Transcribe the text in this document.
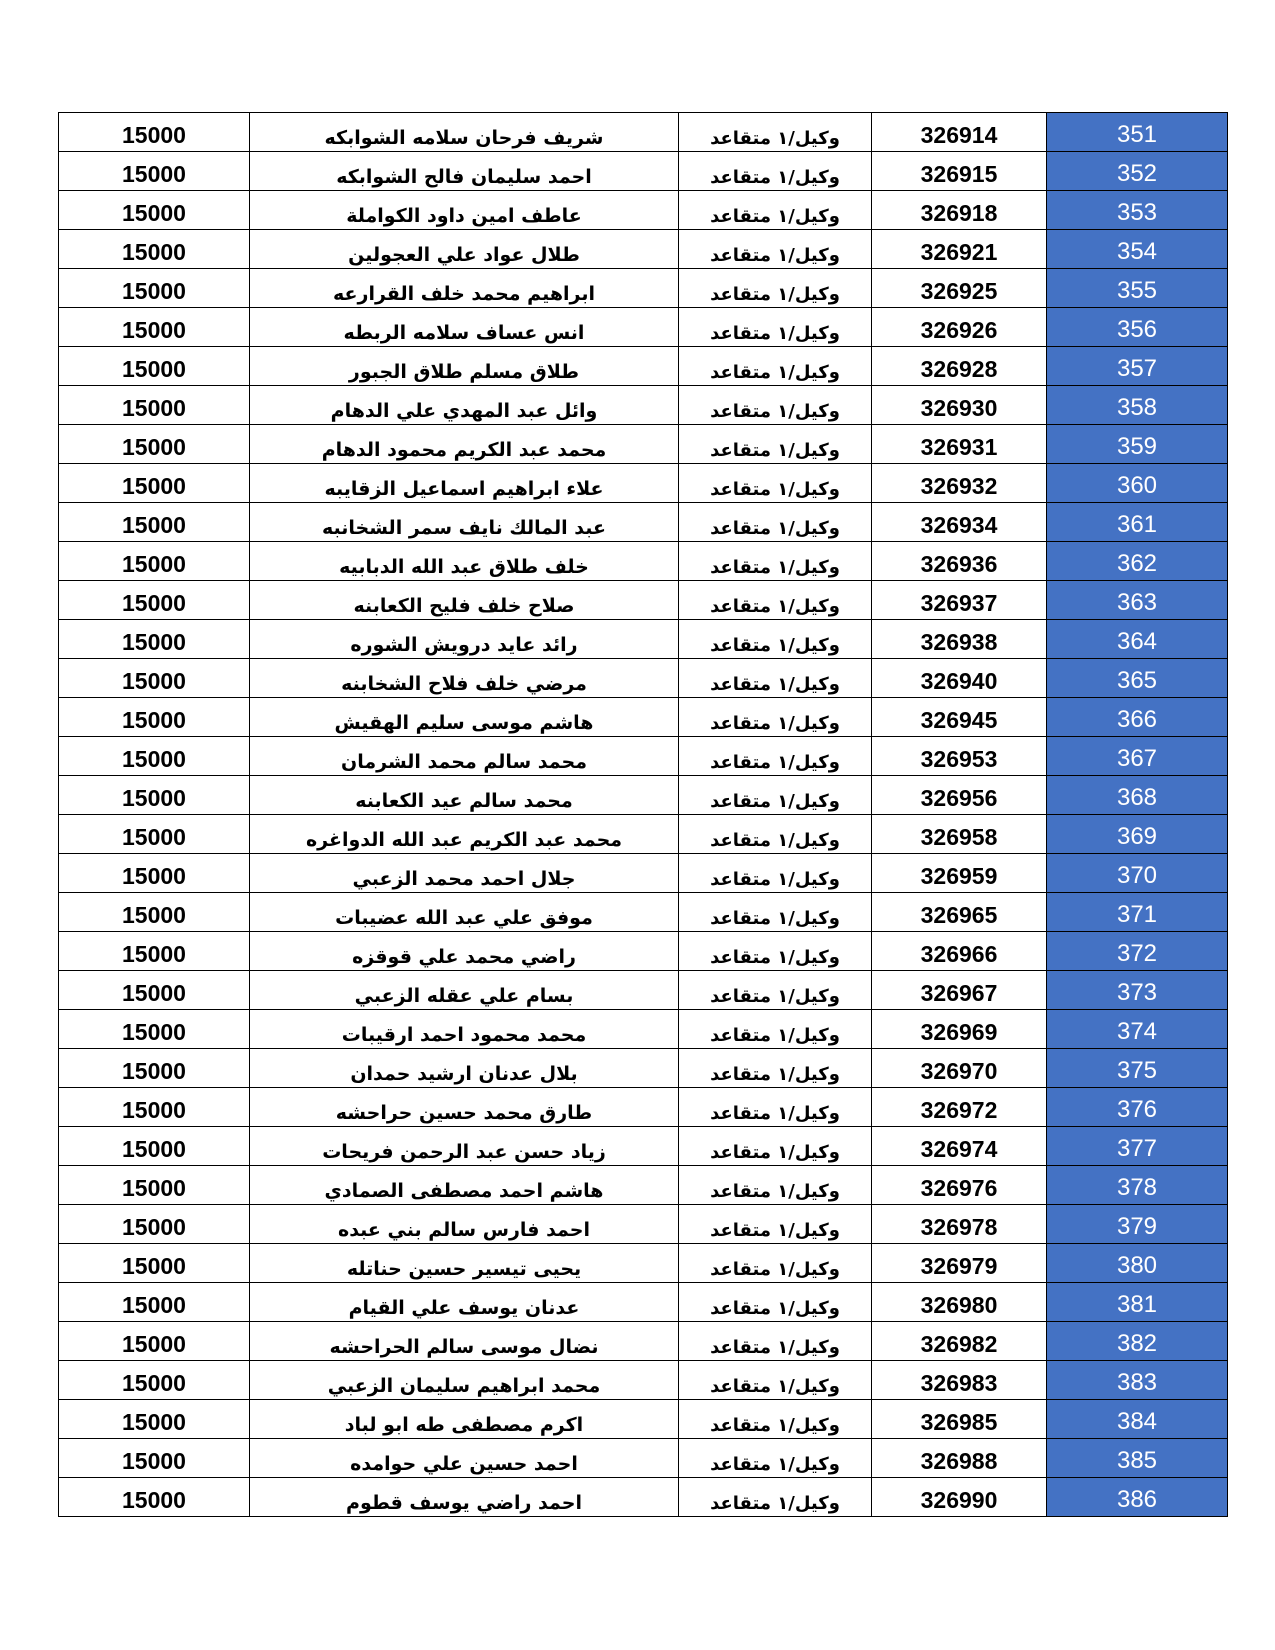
15000	شريف فرحان سلامه الشوابكه	وكيل/١ متقاعد	326914	351
15000	احمد سليمان فالح الشوابكه	وكيل/١ متقاعد	326915	352
15000	عاطف امين داود الكواملة	وكيل/١ متقاعد	326918	353
15000	طلال عواد علي العجولين	وكيل/١ متقاعد	326921	354
15000	ابراهيم محمد خلف القرارعه	وكيل/١ متقاعد	326925	355
15000	انس عساف سلامه الربطه	وكيل/١ متقاعد	326926	356
15000	طلاق مسلم طلاق الجبور	وكيل/١ متقاعد	326928	357
15000	وائل عبد المهدي علي الدهام	وكيل/١ متقاعد	326930	358
15000	محمد عبد الكريم محمود الدهام	وكيل/١ متقاعد	326931	359
15000	علاء ابراهيم اسماعيل الزقايبه	وكيل/١ متقاعد	326932	360
15000	عبد المالك نايف سمر الشخانبه	وكيل/١ متقاعد	326934	361
15000	خلف طلاق عبد الله الدبابيه	وكيل/١ متقاعد	326936	362
15000	صلاح خلف فليح الكعابنه	وكيل/١ متقاعد	326937	363
15000	رائد عايد درويش الشوره	وكيل/١ متقاعد	326938	364
15000	مرضي خلف فلاح الشخابنه	وكيل/١ متقاعد	326940	365
15000	هاشم موسى سليم الهقيش	وكيل/١ متقاعد	326945	366
15000	محمد سالم محمد الشرمان	وكيل/١ متقاعد	326953	367
15000	محمد سالم عيد الكعابنه	وكيل/١ متقاعد	326956	368
15000	محمد عبد الكريم عبد الله الدواغره	وكيل/١ متقاعد	326958	369
15000	جلال احمد محمد الزعبي	وكيل/١ متقاعد	326959	370
15000	موفق علي عبد الله عضيبات	وكيل/١ متقاعد	326965	371
15000	راضي محمد علي قوقزه	وكيل/١ متقاعد	326966	372
15000	بسام علي عقله الزعبي	وكيل/١ متقاعد	326967	373
15000	محمد محمود احمد ارقيبات	وكيل/١ متقاعد	326969	374
15000	بلال عدنان ارشيد حمدان	وكيل/١ متقاعد	326970	375
15000	طارق محمد حسين حراحشه	وكيل/١ متقاعد	326972	376
15000	زياد حسن عبد الرحمن فريحات	وكيل/١ متقاعد	326974	377
15000	هاشم احمد مصطفى الصمادي	وكيل/١ متقاعد	326976	378
15000	احمد فارس سالم بني عبده	وكيل/١ متقاعد	326978	379
15000	يحيى تيسير حسين حناتله	وكيل/١ متقاعد	326979	380
15000	عدنان يوسف علي القيام	وكيل/١ متقاعد	326980	381
15000	نضال موسى سالم الحراحشه	وكيل/١ متقاعد	326982	382
15000	محمد ابراهيم سليمان الزعبي	وكيل/١ متقاعد	326983	383
15000	اكرم مصطفى طه ابو لباد	وكيل/١ متقاعد	326985	384
15000	احمد حسين علي حوامده	وكيل/١ متقاعد	326988	385
15000	احمد راضي يوسف قطوم	وكيل/١ متقاعد	326990	386
